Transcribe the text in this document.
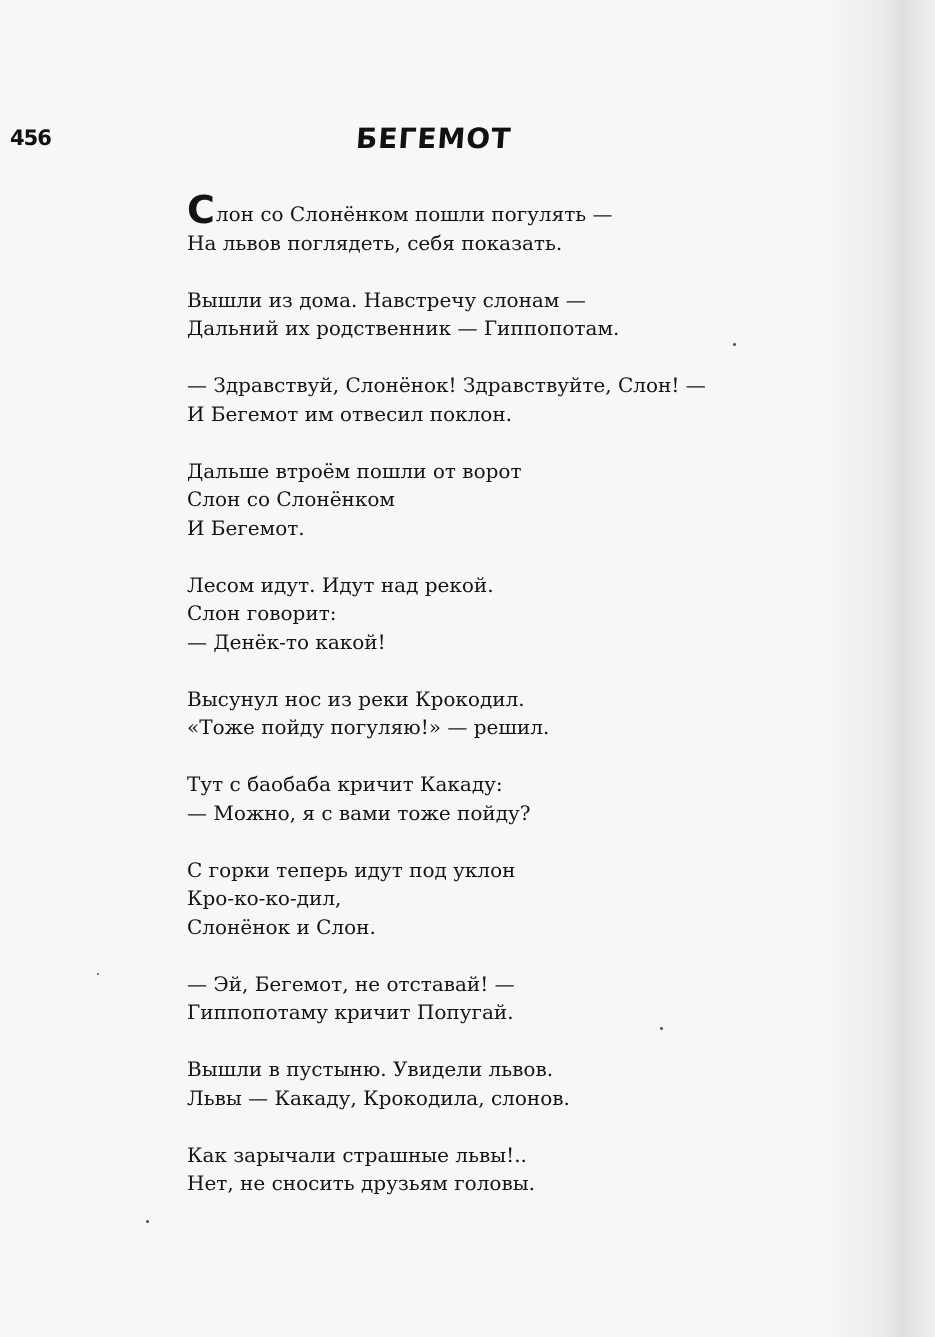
456	БЕГЕМОТ
Слон со Слонёнком пошли погулять —
На львов поглядеть, себя показать.
Вышли из дома. Навстречу слонам —
Дальний их родственник — Гиппопотам.
— Здравствуй, Слонёнок! Здравствуйте, Слон! —
И Бегемот им отвесил поклон.
Дальше втроём пошли от ворот
Слон со Слонёнком
И Бегемот.
Лесом идут. Идут над рекой.
Слон говорит:
— Денёк-то какой!
Высунул нос из реки Крокодил.
«Тоже пойду погуляю!» — решил.
Тут с баобаба кричит Какаду:
— Можно, я с вами тоже пойду?
С горки теперь идут под уклон
Кро-ко-ко-дил,
Слонёнок и Слон.
— Эй, Бегемот, не отставай! —
Гиппопотаму кричит Попугай.
Вышли в пустыню. Увидели львов.
Львы — Какаду, Крокодила, слонов.
Как зарычали страшные львы!..
Нет, не сносить друзьям головы.
